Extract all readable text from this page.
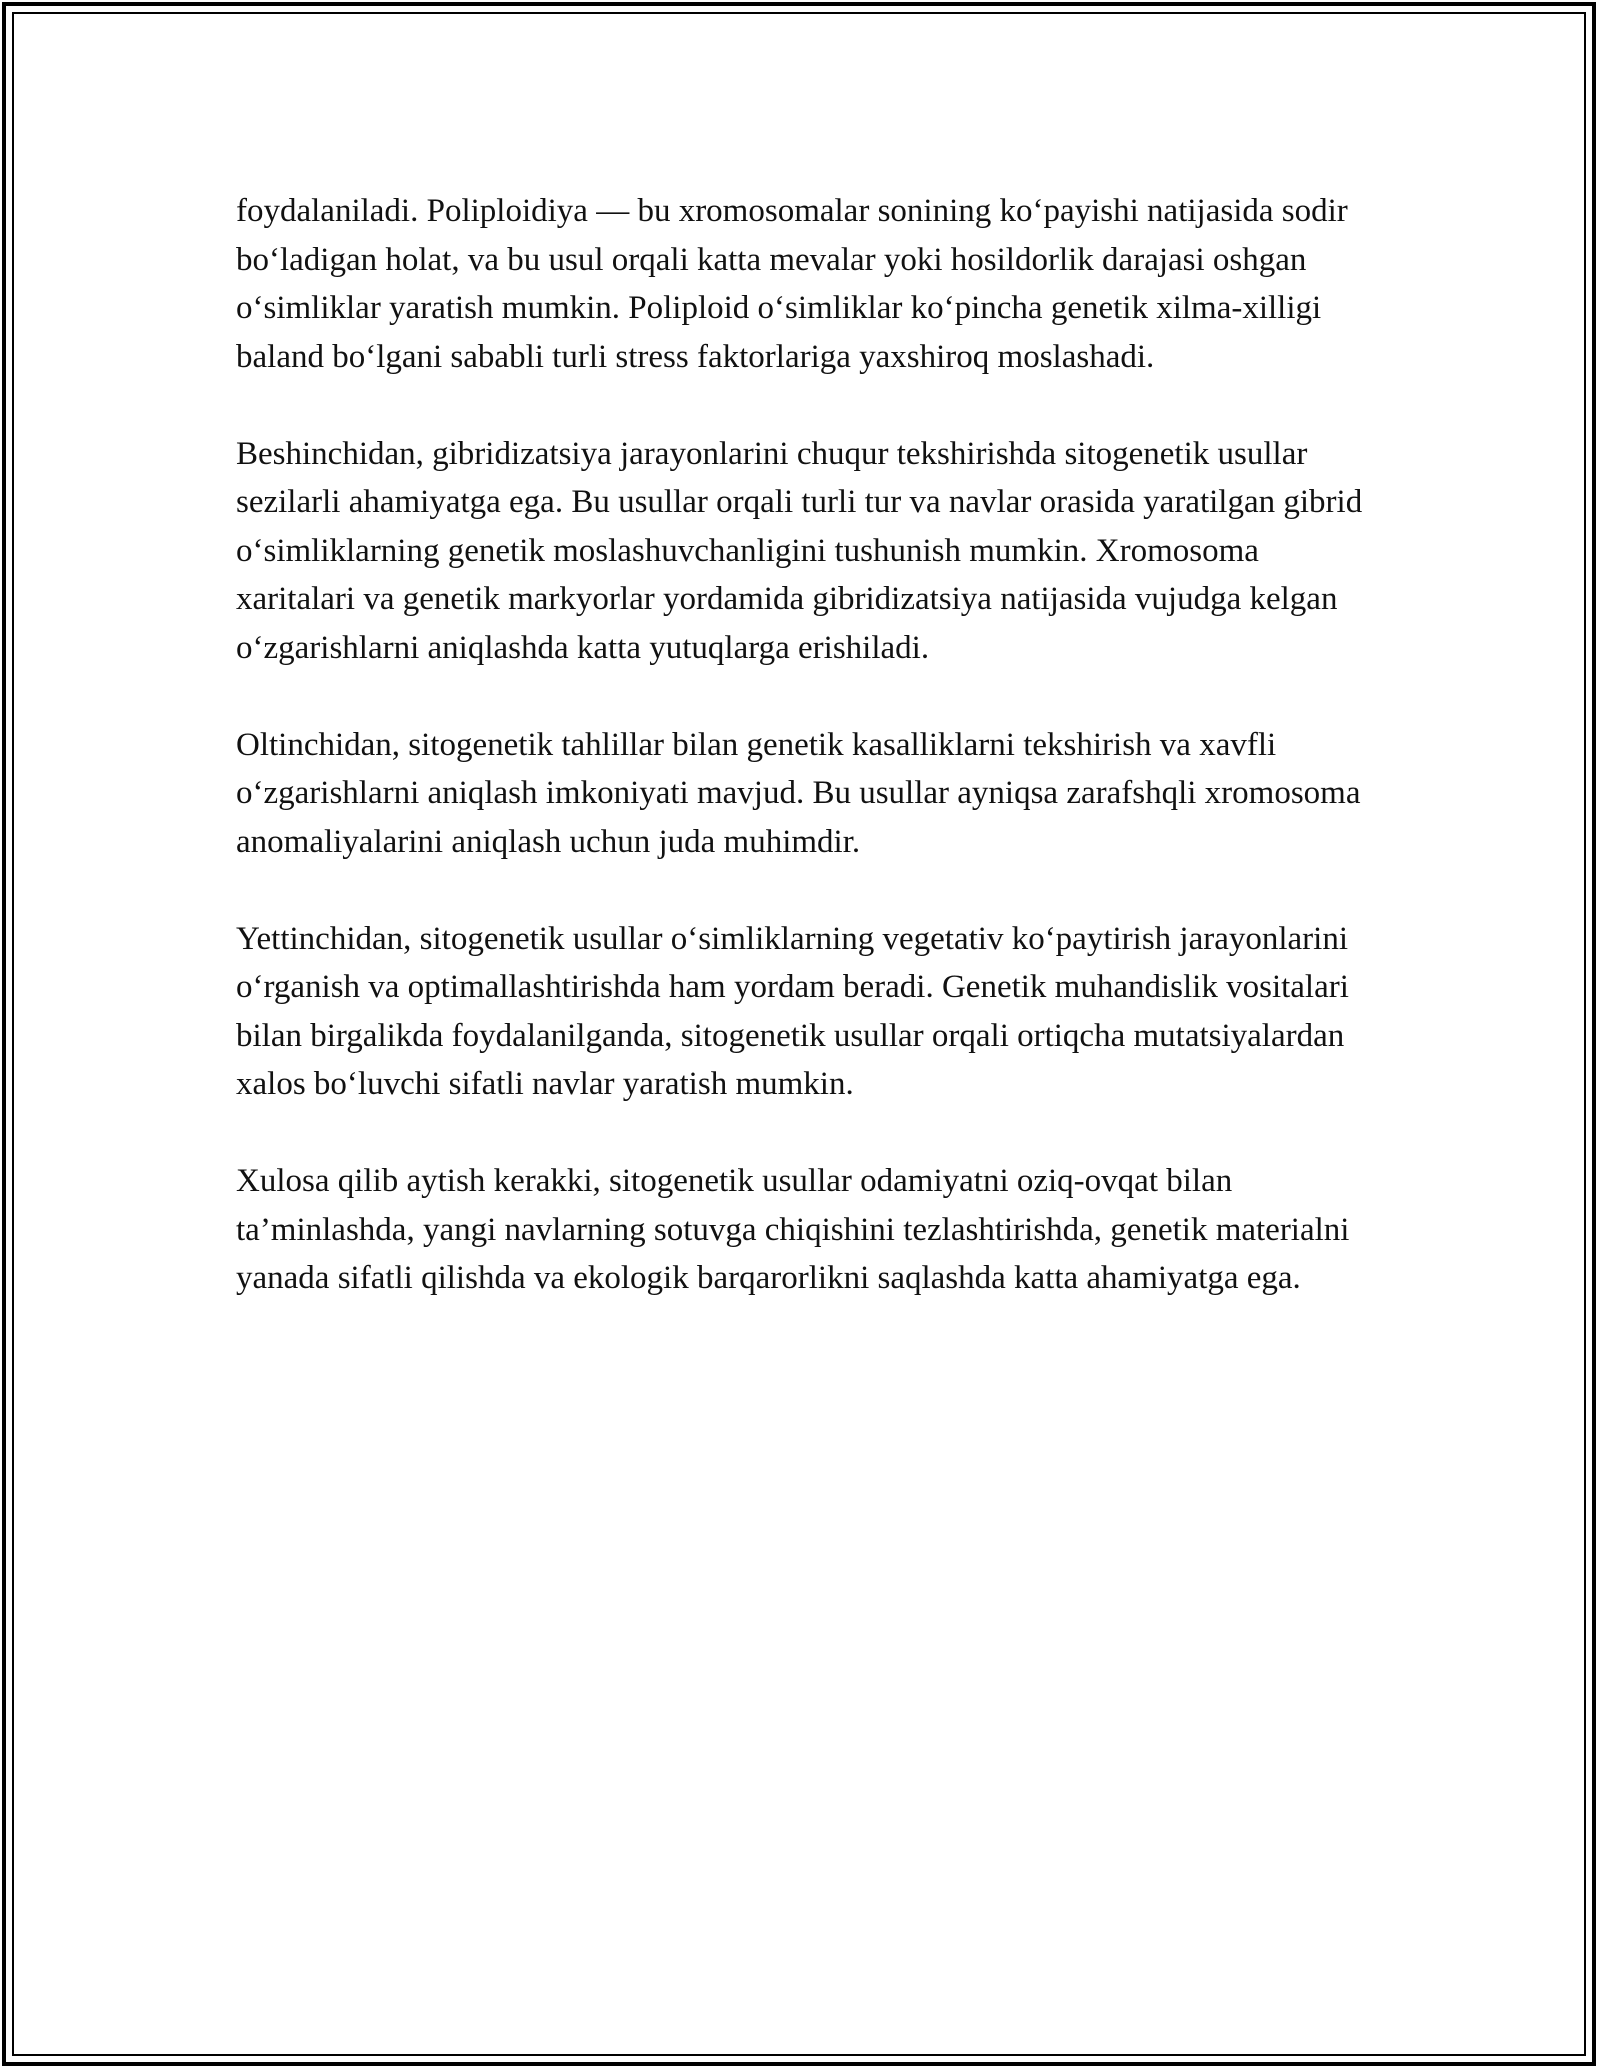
foydalaniladi. Poliploidiya — bu xromosomalar sonining ko‘payishi natijasida sodir bo‘ladigan holat, va bu usul orqali katta mevalar yoki hosildorlik darajasi oshgan o‘simliklar yaratish mumkin. Poliploid o‘simliklar ko‘pincha genetik xilma-xilligi baland bo‘lgani sababli turli stress faktorlariga yaxshiroq moslashadi.

Beshinchidan, gibridizatsiya jarayonlarini chuqur tekshirishda sitogenetik usullar sezilarli ahamiyatga ega. Bu usullar orqali turli tur va navlar orasida yaratilgan gibrid o‘simliklarning genetik moslashuvchanligini tushunish mumkin. Xromosoma xaritalari va genetik markyorlar yordamida gibridizatsiya natijasida vujudga kelgan o‘zgarishlarni aniqlashda katta yutuqlarga erishiladi.

Oltinchidan, sitogenetik tahlillar bilan genetik kasalliklarni tekshirish va xavfli o‘zgarishlarni aniqlash imkoniyati mavjud. Bu usullar ayniqsa zarafshqli xromosoma anomaliyalarini aniqlash uchun juda muhimdir.

Yettinchidan, sitogenetik usullar o‘simliklarning vegetativ ko‘paytirish jarayonlarini o‘rganish va optimallashtirishda ham yordam beradi. Genetik muhandislik vositalari bilan birgalikda foydalanilganda, sitogenetik usullar orqali ortiqcha mutatsiyalardan xalos bo‘luvchi sifatli navlar yaratish mumkin.

Xulosa qilib aytish kerakki, sitogenetik usullar odamiyatni oziq-ovqat bilan ta’minlashda, yangi navlarning sotuvga chiqishini tezlashtirishda, genetik materialni yanada sifatli qilishda va ekologik barqarorlikni saqlashda katta ahamiyatga ega.
